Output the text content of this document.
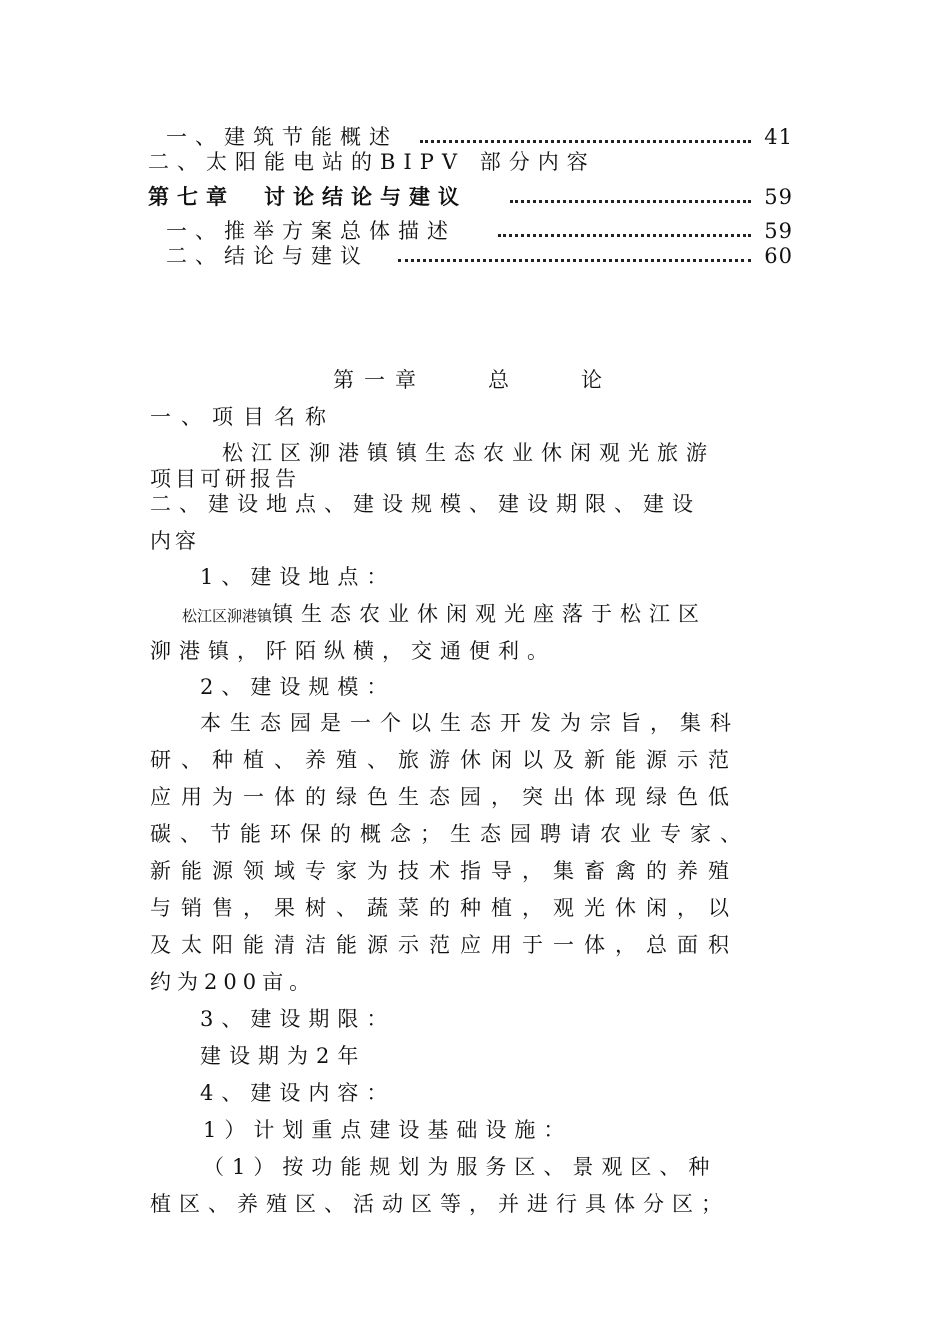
一、建筑节能概述	41
二、太阳能电站的BIPV 部分内容
第七章　讨论结论与建议	59
一、推举方案总体描述	59
二、结论与建议	60

第一章　　总　　论

一、项目名称

松江区泖港镇镇生态农业休闲观光旅游

项目可研报告

二、建设地点、建设规模、建设期限、建设

内容

1、建设地点：

松江区泖港镇镇生态农业休闲观光座落于松江区

泖港镇，阡陌纵横，交通便利。

2、建设规模：

本生态园是一个以生态开发为宗旨，集科

研、种植、养殖、旅游休闲以及新能源示范

应用为一体的绿色生态园，突出体现绿色低

碳、节能环保的概念；生态园聘请农业专家、

新能源领域专家为技术指导，集畜禽的养殖

与销售，果树、蔬菜的种植，观光休闲，以

及太阳能清洁能源示范应用于一体，总面积

约为200亩。

3、建设期限：

建设期为2年

4、建设内容：

1）计划重点建设基础设施：

（1）按功能规划为服务区、景观区、种

植区、养殖区、活动区等，并进行具体分区；
